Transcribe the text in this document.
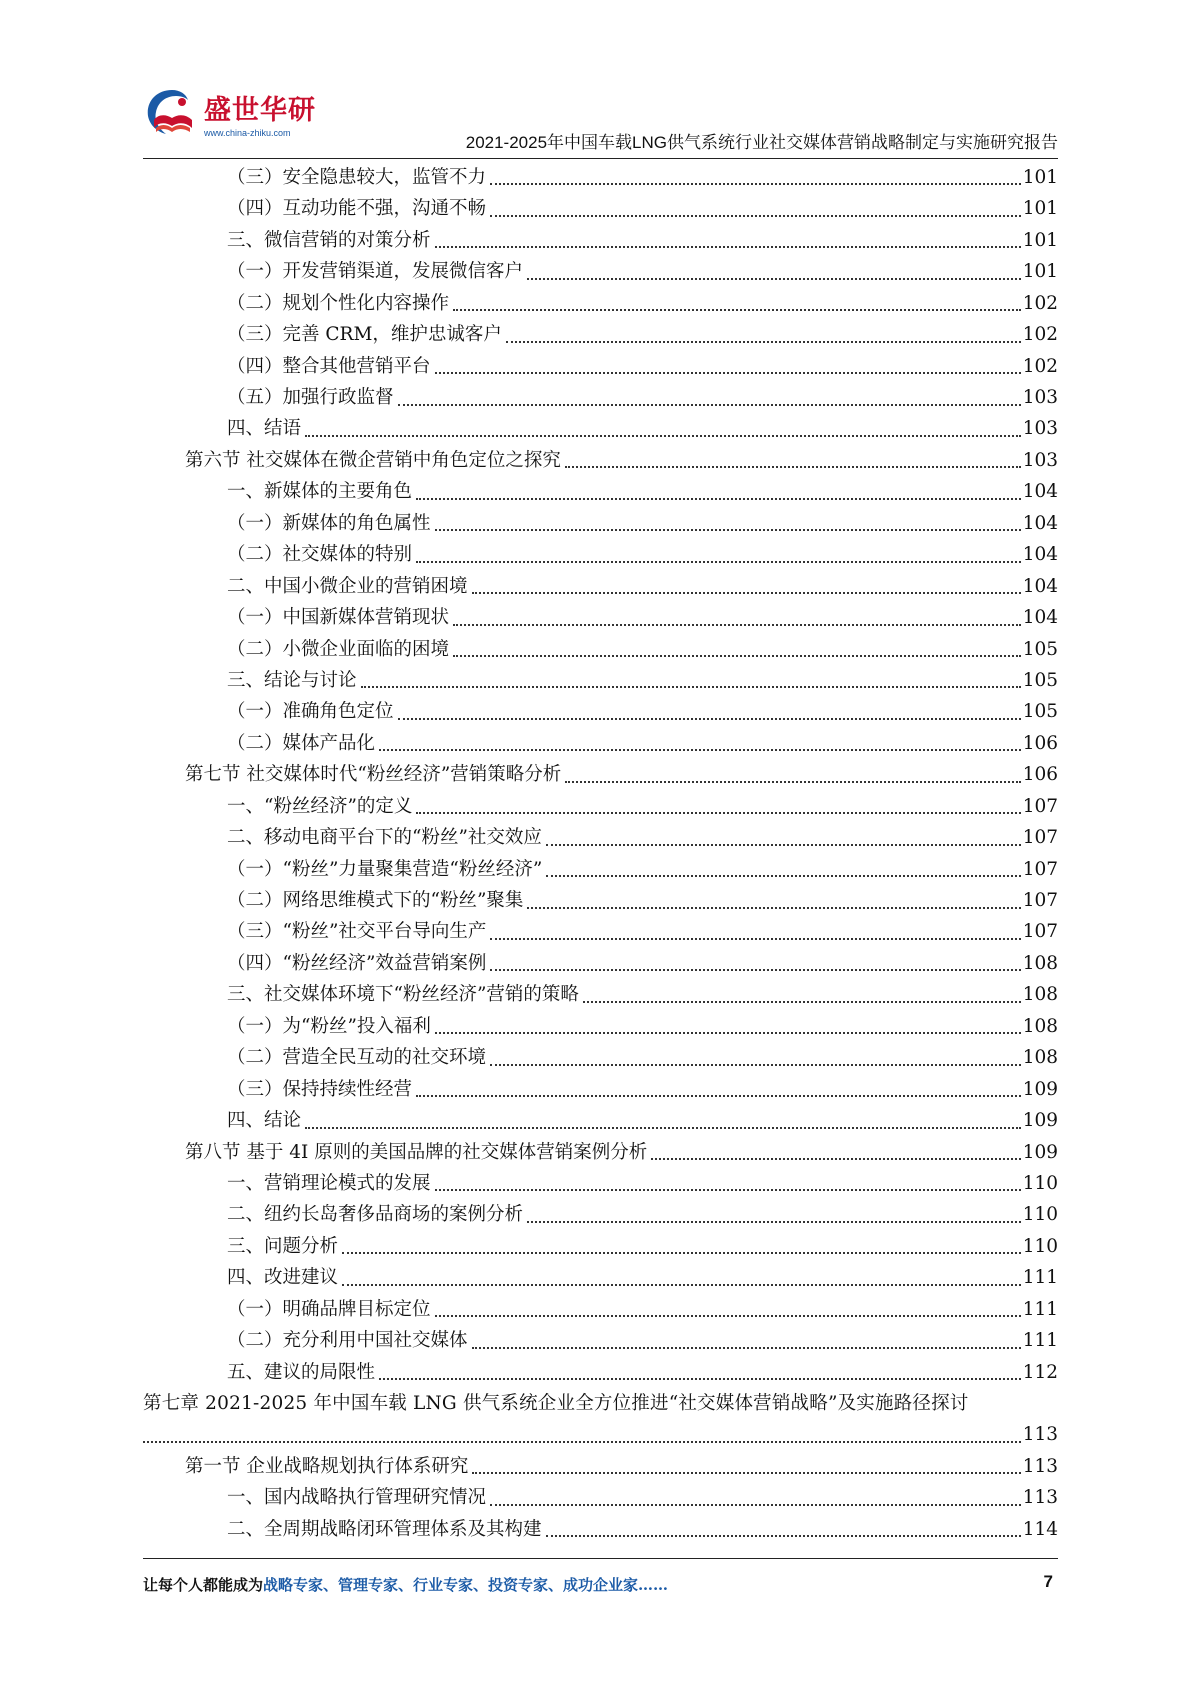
盛世华研
www.china-zhiku.com	2021-2025年中国车载LNG供气系统行业社交媒体营销战略制定与实施研究报告
（三）安全隐患较大，监管不力	101
（四）互动功能不强，沟通不畅	101
三、微信营销的对策分析	101
（一）开发营销渠道，发展微信客户	101
（二）规划个性化内容操作	102
（三）完善 CRM，维护忠诚客户	102
（四）整合其他营销平台	102
（五）加强行政监督	103
四、结语	103
第六节 社交媒体在微企营销中角色定位之探究	103
一、新媒体的主要角色	104
（一）新媒体的角色属性	104
（二）社交媒体的特别	104
二、中国小微企业的营销困境	104
（一）中国新媒体营销现状	104
（二）小微企业面临的困境	105
三、结论与讨论	105
（一）准确角色定位	105
（二）媒体产品化	106
第七节 社交媒体时代“粉丝经济”营销策略分析	106
一、“粉丝经济”的定义	107
二、移动电商平台下的“粉丝”社交效应	107
（一）“粉丝”力量聚集营造“粉丝经济”	107
（二）网络思维模式下的“粉丝”聚集	107
（三）“粉丝”社交平台导向生产	107
（四）“粉丝经济”效益营销案例	108
三、社交媒体环境下“粉丝经济”营销的策略	108
（一）为“粉丝”投入福利	108
（二）营造全民互动的社交环境	108
（三）保持持续性经营	109
四、结论	109
第八节 基于 4I 原则的美国品牌的社交媒体营销案例分析	109
一、营销理论模式的发展	110
二、纽约长岛奢侈品商场的案例分析	110
三、问题分析	110
四、改进建议	111
（一）明确品牌目标定位	111
（二）充分利用中国社交媒体	111
五、建议的局限性	112
第七章 2021-2025 年中国车载 LNG 供气系统企业全方位推进“社交媒体营销战略”及实施路径探讨
113
第一节 企业战略规划执行体系研究	113
一、国内战略执行管理研究情况	113
二、全周期战略闭环管理体系及其构建	114
让每个人都能成为战略专家、管理专家、行业专家、投资专家、成功企业家……	7
